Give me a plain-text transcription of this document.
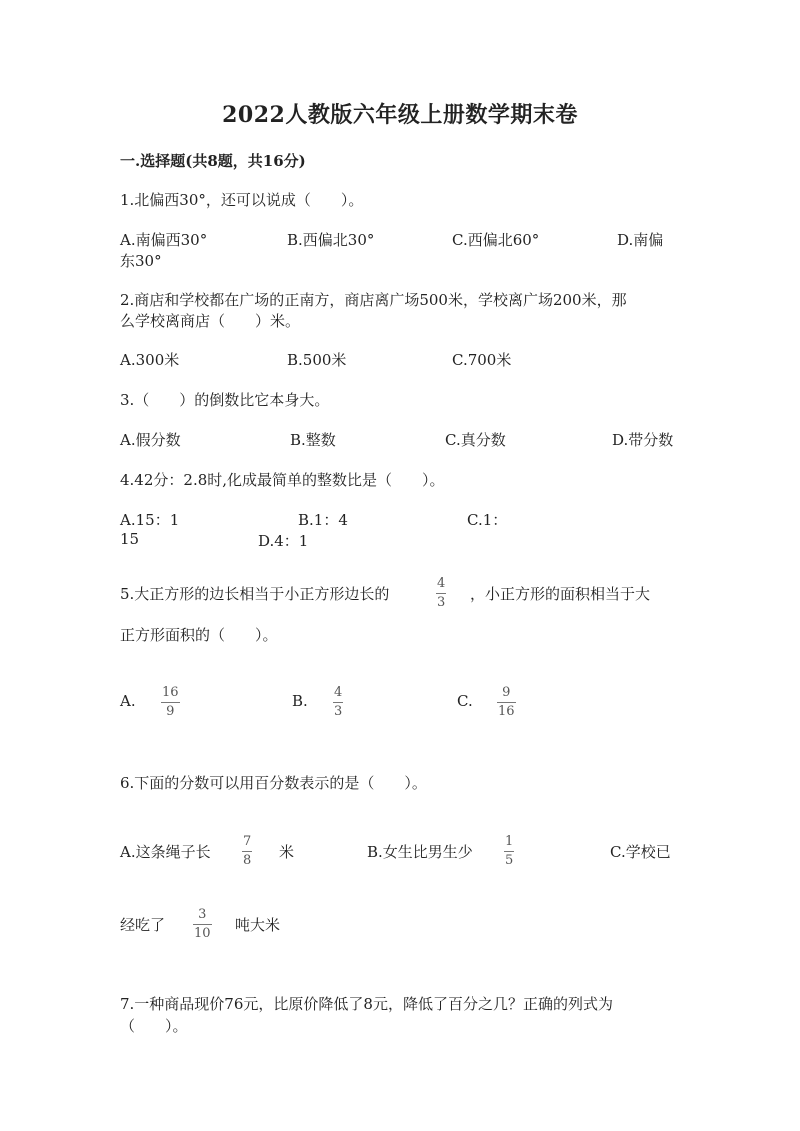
2022人教版六年级上册数学期末卷
一.选择题(共8题，共16分)
1.北偏西30°，还可以说成（　　）。
A.南偏西30°	B.西偏北30°	C.西偏北60°	D.南偏
东30°
2.商店和学校都在广场的正南方，商店离广场500米，学校离广场200米，那
么学校离商店（　　）米。
A.300米	B.500米	C.700米
3.（　　）的倒数比它本身大。
A.假分数	B.整数	C.真分数	D.带分数
4.42分：2.8时,化成最简单的整数比是（　　）。
A.15：1	B.1：4	C.1：
15	D.4：1
5.大正方形的边长相当于小正方形边长的
4
3 ，小正方形的面积相当于大
正方形面积的（　　）。
A. 16
9
B. 4
3
C. 9
16
6.下面的分数可以用百分数表示的是（　　）。
A.这条绳子长
7
8 米	B.女生比男生少
1
5	C.学校已
经吃了
3
10 吨大米
7.一种商品现价76元，比原价降低了8元，降低了百分之几？正确的列式为
（　　）。
